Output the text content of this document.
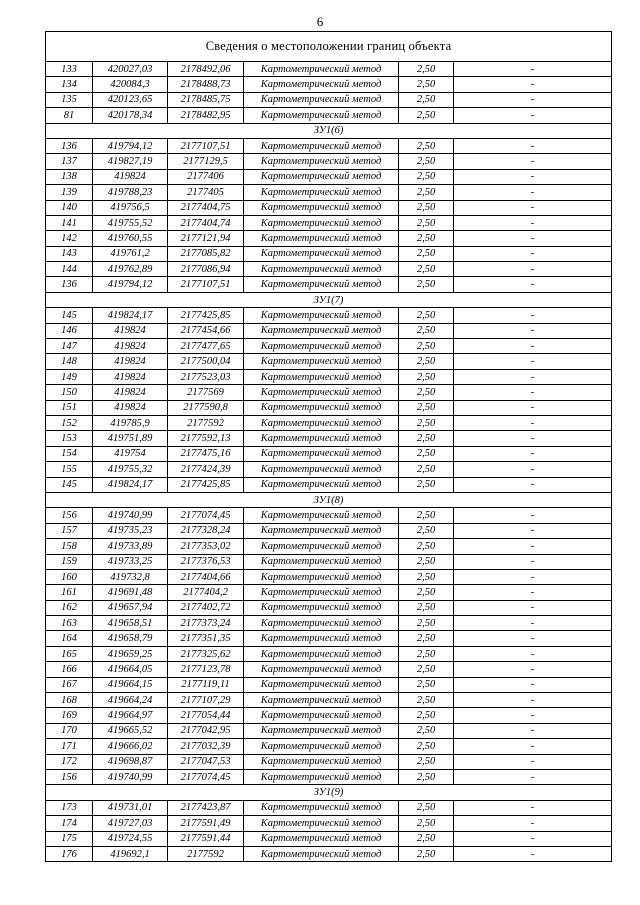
6
Сведения о местоположении границ объекта					
133	420027,03	2178492,06	Картометрический метод	2,50	-
134	420084,3	2178488,73	Картометрический метод	2,50	-
135	420123,65	2178485,75	Картометрический метод	2,50	-
81	420178,34	2178482,95	Картометрический метод	2,50	-
ЗУ1(6)					
136	419794,12	2177107,51	Картометрический метод	2,50	-
137	419827,19	2177129,5	Картометрический метод	2,50	-
138	419824	2177406	Картометрический метод	2,50	-
139	419788,23	2177405	Картометрический метод	2,50	-
140	419756,5	2177404,75	Картометрический метод	2,50	-
141	419755,52	2177404,74	Картометрический метод	2,50	-
142	419760,55	2177121,94	Картометрический метод	2,50	-
143	419761,2	2177085,82	Картометрический метод	2,50	-
144	419762,89	2177086,94	Картометрический метод	2,50	-
136	419794,12	2177107,51	Картометрический метод	2,50	-
ЗУ1(7)					
145	419824,17	2177425,85	Картометрический метод	2,50	-
146	419824	2177454,66	Картометрический метод	2,50	-
147	419824	2177477,65	Картометрический метод	2,50	-
148	419824	2177500,04	Картометрический метод	2,50	-
149	419824	2177523,03	Картометрический метод	2,50	-
150	419824	2177569	Картометрический метод	2,50	-
151	419824	2177590,8	Картометрический метод	2,50	-
152	419785,9	2177592	Картометрический метод	2,50	-
153	419751,89	2177592,13	Картометрический метод	2,50	-
154	419754	2177475,16	Картометрический метод	2,50	-
155	419755,32	2177424,39	Картометрический метод	2,50	-
145	419824,17	2177425,85	Картометрический метод	2,50	-
ЗУ1(8)					
156	419740,99	2177074,45	Картометрический метод	2,50	-
157	419735,23	2177328,24	Картометрический метод	2,50	-
158	419733,89	2177353,02	Картометрический метод	2,50	-
159	419733,25	2177376,53	Картометрический метод	2,50	-
160	419732,8	2177404,66	Картометрический метод	2,50	-
161	419691,48	2177404,2	Картометрический метод	2,50	-
162	419657,94	2177402,72	Картометрический метод	2,50	-
163	419658,51	2177373,24	Картометрический метод	2,50	-
164	419658,79	2177351,35	Картометрический метод	2,50	-
165	419659,25	2177325,62	Картометрический метод	2,50	-
166	419664,05	2177123,78	Картометрический метод	2,50	-
167	419664,15	2177119,11	Картометрический метод	2,50	-
168	419664,24	2177107,29	Картометрический метод	2,50	-
169	419664,97	2177054,44	Картометрический метод	2,50	-
170	419665,52	2177042,95	Картометрический метод	2,50	-
171	419666,02	2177032,39	Картометрический метод	2,50	-
172	419698,87	2177047,53	Картометрический метод	2,50	-
156	419740,99	2177074,45	Картометрический метод	2,50	-
ЗУ1(9)					
173	419731,01	2177423,87	Картометрический метод	2,50	-
174	419727,03	2177591,49	Картометрический метод	2,50	-
175	419724,55	2177591,44	Картометрический метод	2,50	-
176	419692,1	2177592	Картометрический метод	2,50	-
